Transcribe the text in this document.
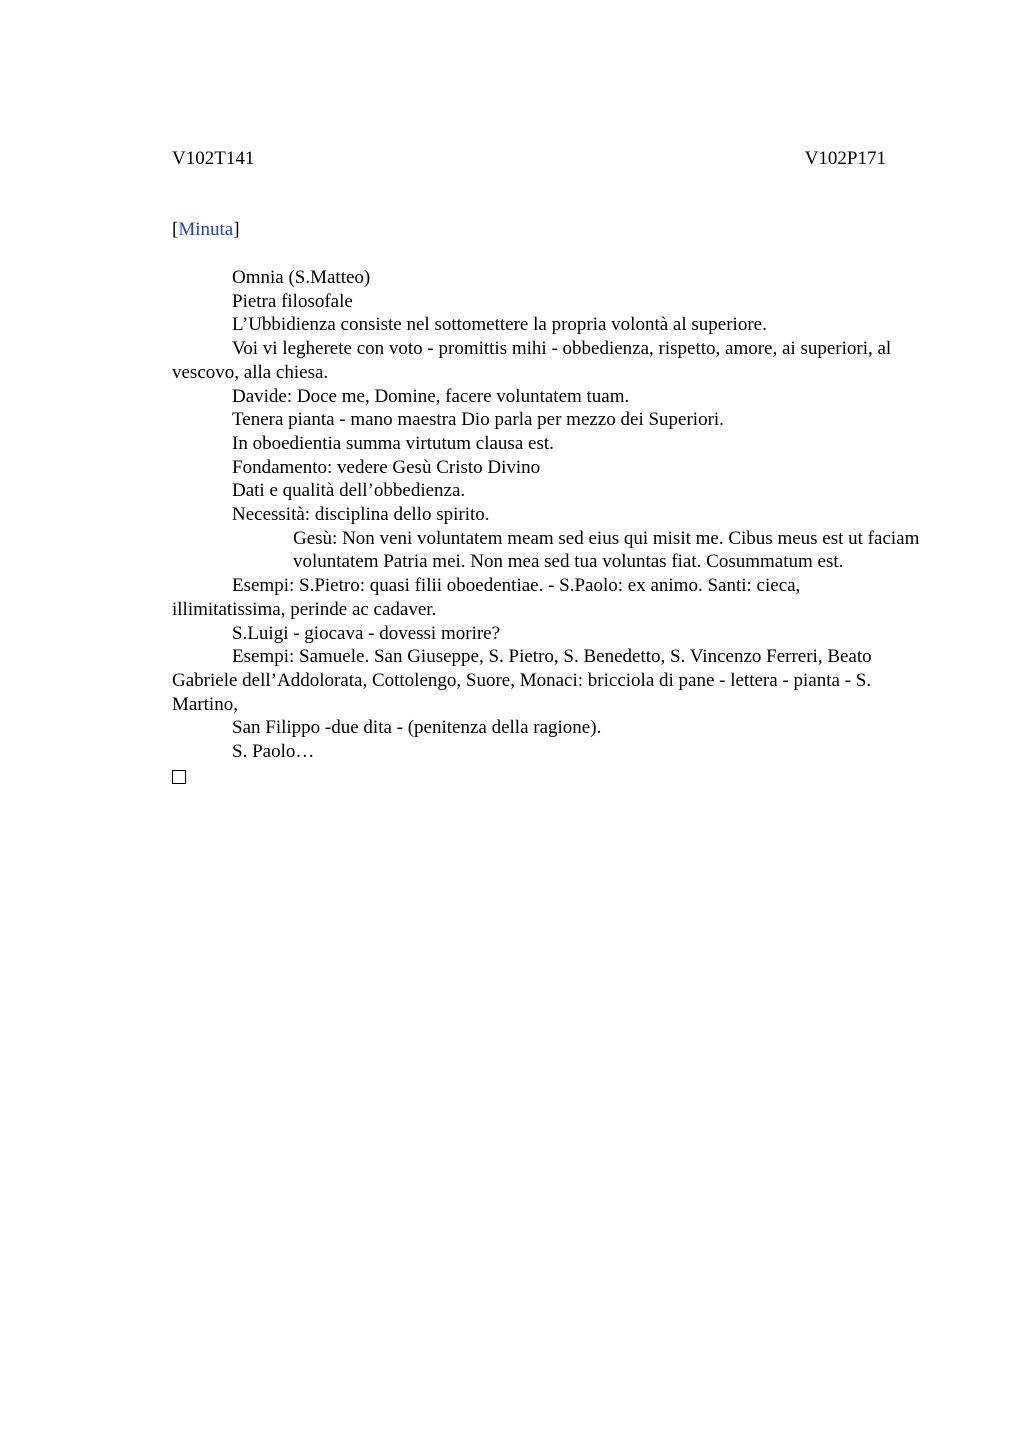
V102T141	V102P171
[Minuta]

Omnia (S.Matteo)

Pietra filosofale

L’Ubbidienza consiste nel sottomettere la propria volontà al superiore.

Voi vi legherete con voto - promittis mihi - obbedienza, rispetto, amore, ai superiori, al vescovo, alla chiesa.

Davide: Doce me, Domine, facere voluntatem tuam.

Tenera pianta - mano maestra Dio parla per mezzo dei Superiori.

In oboedientia summa virtutum clausa est.

Fondamento: vedere Gesù Cristo Divino

Dati e qualità dell’obbedienza.

Necessità: disciplina dello spirito.

Gesù: Non veni voluntatem meam sed eius qui misit me. Cibus meus est ut faciam voluntatem Patria mei. Non mea sed tua voluntas fiat. Cosummatum est.

Esempi: S.Pietro: quasi filii oboedentiae. - S.Paolo: ex animo. Santi: cieca, illimitatissima, perinde ac cadaver.

S.Luigi - giocava - dovessi morire?

Esempi: Samuele. San Giuseppe, S. Pietro, S. Benedetto, S. Vincenzo Ferreri, Beato Gabriele dell’Addolorata, Cottolengo, Suore, Monaci: bricciola di pane - lettera - pianta - S. Martino,

San Filippo -due dita - (penitenza della ragione).

S. Paolo…
